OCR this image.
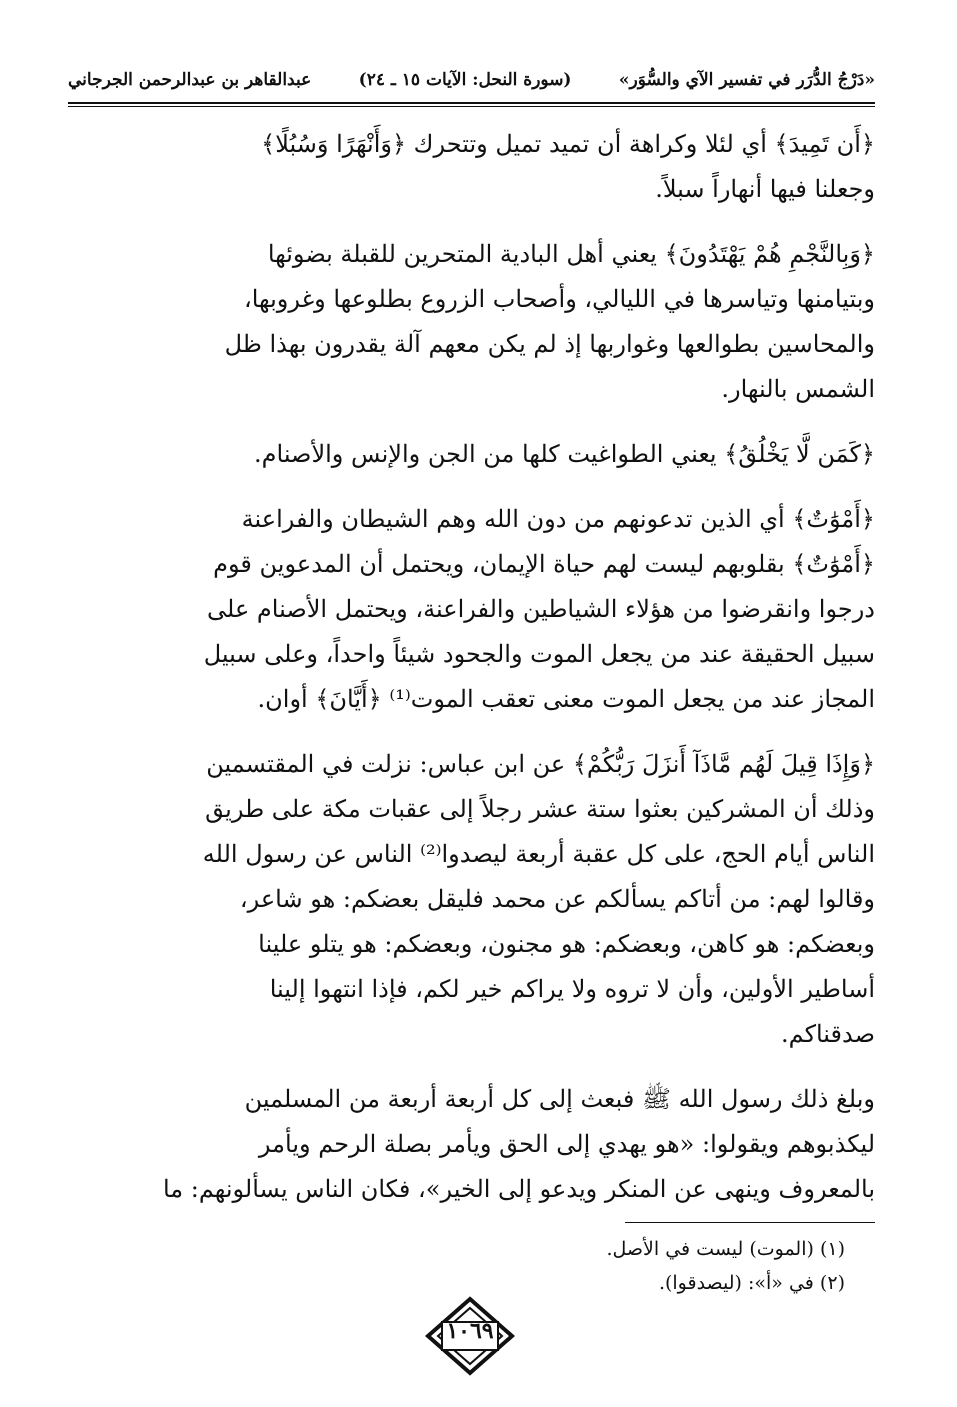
«دَرْجُ الدُّرَر في تفسير الآي والسُّوَر»
(سورة النحل: الآيات ١٥ ـ ٢٤)
عبدالقاهر بن عبدالرحمن الجرجاني

﴿أَن تَمِيدَ﴾ أي لئلا وكراهة أن تميد تميل وتتحرك ﴿وَأَنْهَرًا وَسُبُلًا﴾

وجعلنا فيها أنهاراً سبلاً.

﴿وَبِالنَّجْمِ هُمْ يَهْتَدُونَ﴾ يعني أهل البادية المتحرين للقبلة بضوئها

وبتيامنها وتياسرها في الليالي، وأصحاب الزروع بطلوعها وغروبها،

والمحاسين بطوالعها وغواربها إذ لم يكن معهم آلة يقدرون بهذا ظل

الشمس بالنهار.

﴿كَمَن لَّا يَخْلُقُ﴾ يعني الطواغيت كلها من الجن والإنس والأصنام.

﴿أَمْوَٰتٌ﴾ أي الذين تدعونهم من دون الله وهم الشيطان والفراعنة

﴿أَمْوَٰتٌ﴾ بقلوبهم ليست لهم حياة الإيمان، ويحتمل أن المدعوين قوم

درجوا وانقرضوا من هؤلاء الشياطين والفراعنة، ويحتمل الأصنام على

سبيل الحقيقة عند من يجعل الموت والجحود شيئاً واحداً، وعلى سبيل

المجاز عند من يجعل الموت معنى تعقب الموت⁽¹⁾ ﴿أَيَّانَ﴾ أوان.

﴿وَإِذَا قِيلَ لَهُم مَّاذَآ أَنزَلَ رَبُّكُمْ﴾ عن ابن عباس: نزلت في المقتسمين

وذلك أن المشركين بعثوا ستة عشر رجلاً إلى عقبات مكة على طريق

الناس أيام الحج، على كل عقبة أربعة ليصدوا⁽²⁾ الناس عن رسول الله

وقالوا لهم: من أتاكم يسألكم عن محمد فليقل بعضكم: هو شاعر،

وبعضكم: هو كاهن، وبعضكم: هو مجنون، وبعضكم: هو يتلو علينا

أساطير الأولين، وأن لا تروه ولا يراكم خير لكم، فإذا انتهوا إلينا

صدقناكم.

وبلغ ذلك رسول الله ﷺ فبعث إلى كل أربعة أربعة من المسلمين

ليكذبوهم ويقولوا: «هو يهدي إلى الحق ويأمر بصلة الرحم ويأمر

بالمعروف وينهى عن المنكر ويدعو إلى الخير»، فكان الناس يسألونهم: ما

(١) (الموت) ليست في الأصل.
(٢) في «أ»: (ليصدقوا).
١٠٦٩
